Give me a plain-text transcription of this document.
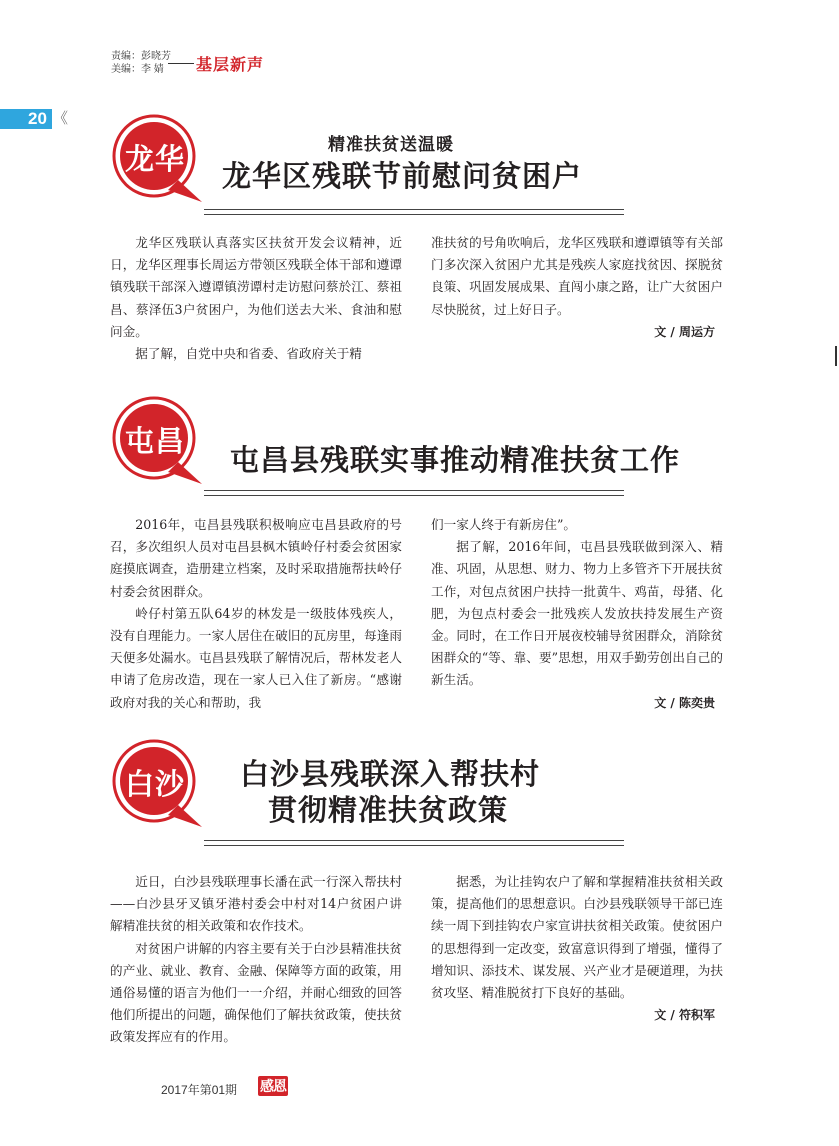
责编：彭晓芳
美编：李 婧	基层新声
20 《
龙华	精准扶贫送温暖
龙华区残联节前慰问贫困户

龙华区残联认真落实区扶贫开发会议精神，近日，龙华区理事长周运方带领区残联全体干部和遵谭镇残联干部深入遵谭镇涝谭村走访慰问蔡於江、蔡祖昌、蔡泽伍3户贫困户，为他们送去大米、食油和慰问金。

据了解，自党中央和省委、省政府关于精

准扶贫的号角吹响后，龙华区残联和遵谭镇等有关部门多次深入贫困户尤其是残疾人家庭找贫因、探脱贫良策、巩固发展成果、直闯小康之路，让广大贫困户尽快脱贫，过上好日子。
文 / 周运方
屯昌
屯昌县残联实事推动精准扶贫工作

2016年，屯昌县残联积极响应屯昌县政府的号召，多次组织人员对屯昌县枫木镇岭仔村委会贫困家庭摸底调查，造册建立档案，及时采取措施帮扶岭仔村委会贫困群众。

岭仔村第五队64岁的林发是一级肢体残疾人，没有自理能力。一家人居住在破旧的瓦房里，每逢雨天便多处漏水。屯昌县残联了解情况后，帮林发老人申请了危房改造，现在一家人已入住了新房。“感谢政府对我的关心和帮助，我

们一家人终于有新房住”。

据了解，2016年间，屯昌县残联做到深入、精准、巩固，从思想、财力、物力上多管齐下开展扶贫工作，对包点贫困户扶持一批黄牛、鸡苗，母猪、化肥，为包点村委会一批残疾人发放扶持发展生产资金。同时，在工作日开展夜校辅导贫困群众，消除贫困群众的“等、靠、要”思想，用双手勤劳创出自己的新生活。

文 / 陈奕贵
白沙	白沙县残联深入帮扶村
贯彻精准扶贫政策

近日，白沙县残联理事长潘在武一行深入帮扶村——白沙县牙叉镇牙港村委会中村对14户贫困户讲解精准扶贫的相关政策和农作技术。

对贫困户讲解的内容主要有关于白沙县精准扶贫的产业、就业、教育、金融、保障等方面的政策，用通俗易懂的语言为他们一一介绍，并耐心细致的回答他们所提出的问题，确保他们了解扶贫政策，使扶贫政策发挥应有的作用。

据悉，为让挂钩农户了解和掌握精准扶贫相关政策，提高他们的思想意识。白沙县残联领导干部已连续一周下到挂钩农户家宣讲扶贫相关政策。使贫困户的思想得到一定改变，致富意识得到了增强，懂得了增知识、添技术、谋发展、兴产业才是硬道理，为扶贫攻坚、精准脱贫打下良好的基础。

文 / 符积军
2017年第01期 感恩
